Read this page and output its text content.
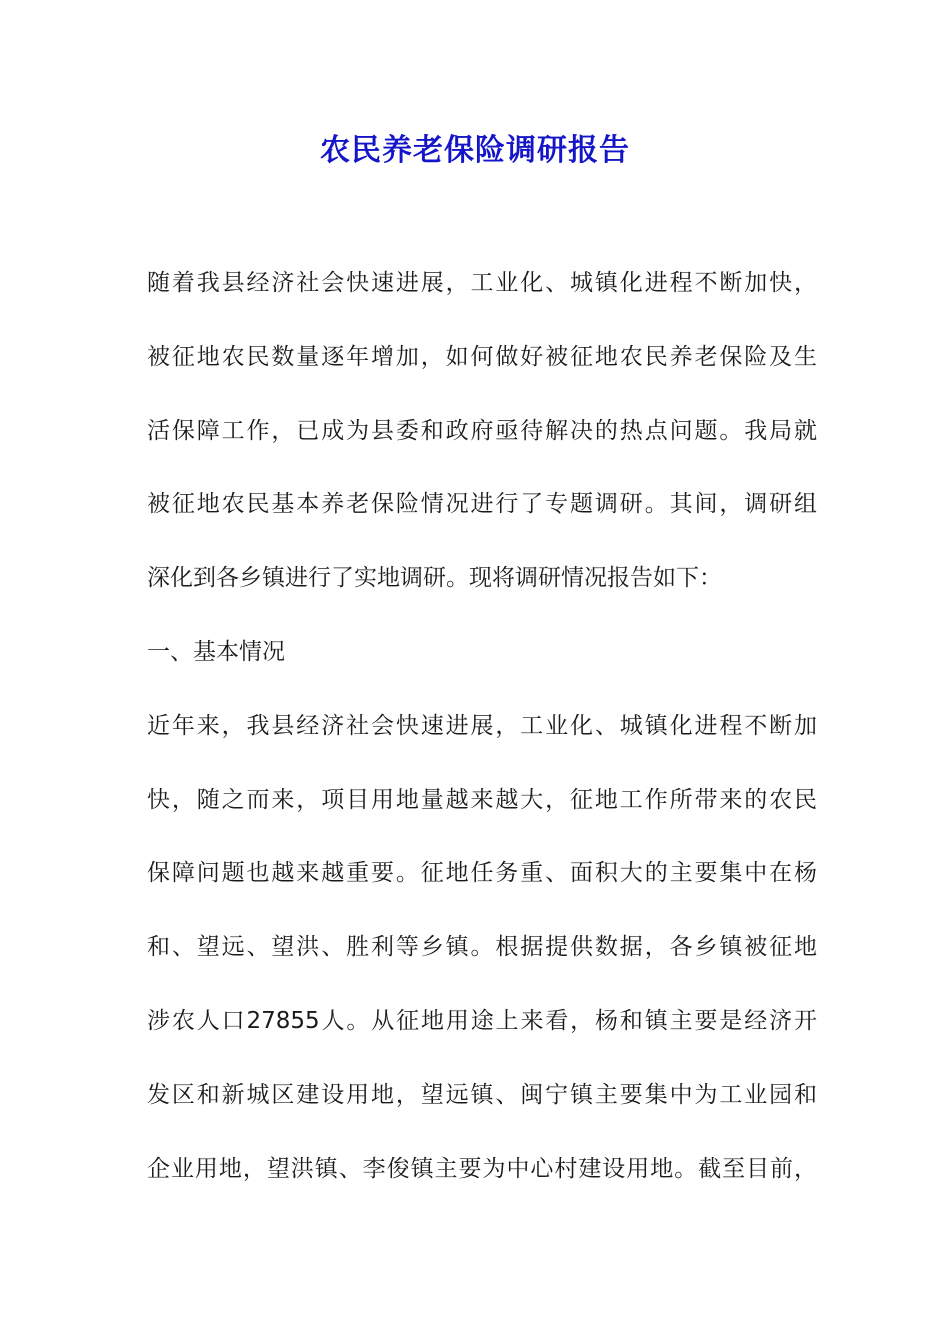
农民养老保险调研报告
随着我县经济社会快速进展，工业化、城镇化进程不断加快，
被征地农民数量逐年增加，如何做好被征地农民养老保险及生
活保障工作，已成为县委和政府亟待解决的热点问题。我局就
被征地农民基本养老保险情况进行了专题调研。其间，调研组
深化到各乡镇进行了实地调研。现将调研情况报告如下：
一、基本情况
近年来，我县经济社会快速进展，工业化、城镇化进程不断加
快，随之而来，项目用地量越来越大，征地工作所带来的农民
保障问题也越来越重要。征地任务重、面积大的主要集中在杨
和、望远、望洪、胜利等乡镇。根据提供数据，各乡镇被征地
涉农人口27855人。从征地用途上来看，杨和镇主要是经济开
发区和新城区建设用地，望远镇、闽宁镇主要集中为工业园和
企业用地，望洪镇、李俊镇主要为中心村建设用地。截至目前，
